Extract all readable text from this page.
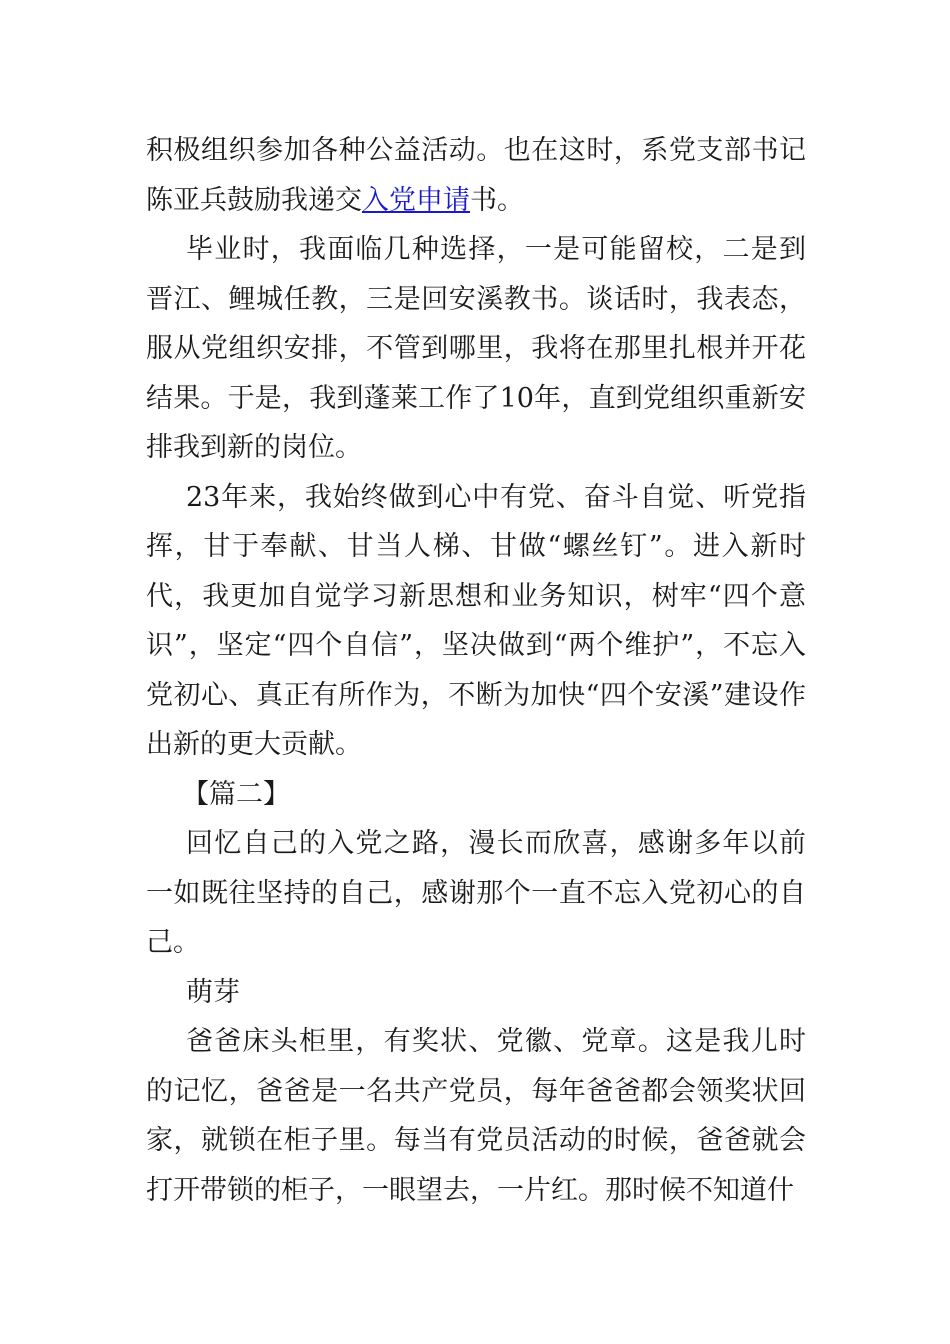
积极组织参加各种公益活动。也在这时，系党支部书记陈亚兵鼓励我递交入党申请书。

毕业时，我面临几种选择，一是可能留校，二是到晋江、鲤城任教，三是回安溪教书。谈话时，我表态，服从党组织安排，不管到哪里，我将在那里扎根并开花结果。于是，我到蓬莱工作了10年，直到党组织重新安排我到新的岗位。

23年来，我始终做到心中有党、奋斗自觉、听党指挥，甘于奉献、甘当人梯、甘做“螺丝钉”。进入新时代，我更加自觉学习新思想和业务知识，树牢“四个意识”，坚定“四个自信”，坚决做到“两个维护”，不忘入党初心、真正有所作为，不断为加快“四个安溪”建设作出新的更大贡献。

【篇二】

回忆自己的入党之路，漫长而欣喜，感谢多年以前一如既往坚持的自己，感谢那个一直不忘入党初心的自己。

萌芽

爸爸床头柜里，有奖状、党徽、党章。这是我儿时的记忆，爸爸是一名共产党员，每年爸爸都会领奖状回家，就锁在柜子里。每当有党员活动的时候，爸爸就会打开带锁的柜子，一眼望去，一片红。那时候不知道什
